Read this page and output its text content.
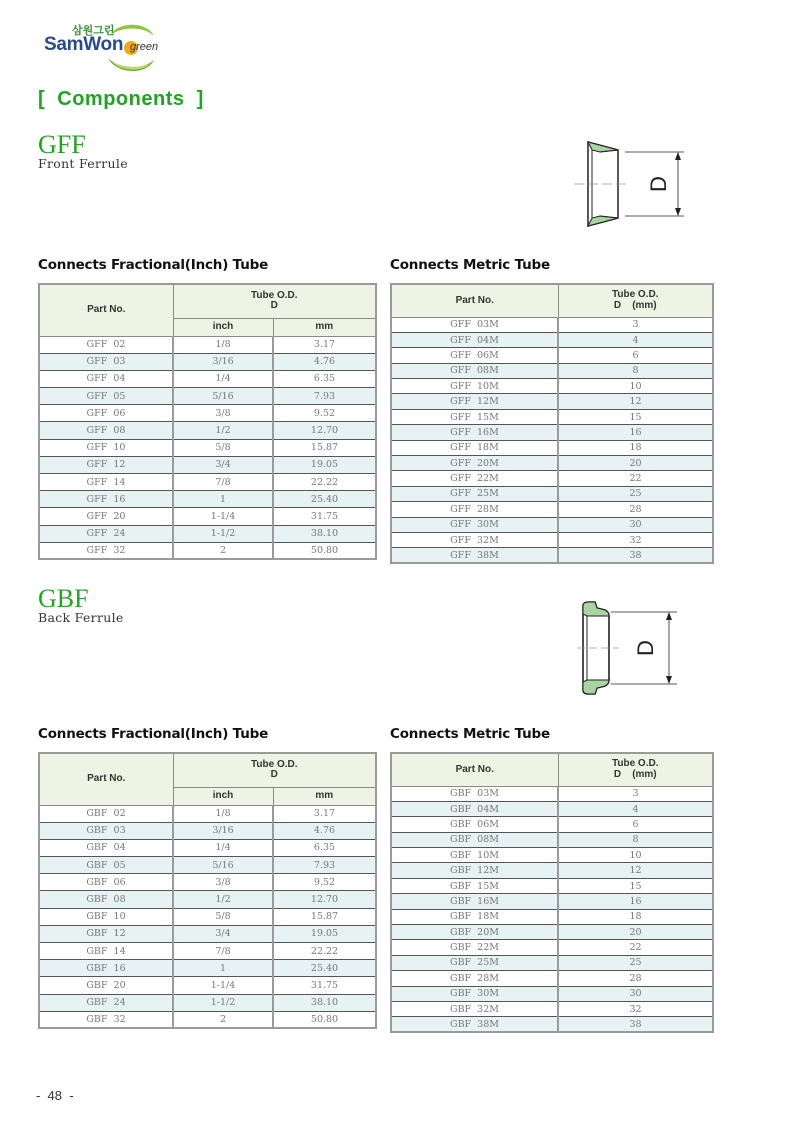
삼원그린
SamWon green
[  Components  ]
GFF
Front Ferrule
D
Connects Fractional(Inch) Tube	Connects Metric Tube
Part No.	Tube O.D.
D	

	inch	mm
GFF  02	1/8	3.17
GFF  03	3/16	4.76
GFF  04	1/4	6.35
GFF  05	5/16	7.93
GFF  06	3/8	9.52
GFF  08	1/2	12.70
GFF  10	5/8	15.87
GFF  12	3/4	19.05
GFF  14	7/8	22.22
GFF  16	1	25.40
GFF  20	1-1/4	31.75
GFF  24	1-1/2	38.10
GFF  32	2	50.80
Part No.	Tube O.D.
D    (mm)

GFF  03M	3
GFF  04M	4
GFF  06M	6
GFF  08M	8
GFF  10M	10
GFF  12M	12
GFF  15M	15
GFF  16M	16
GFF  18M	18
GFF  20M	20
GFF  22M	22
GFF  25M	25
GFF  28M	28
GFF  30M	30
GFF  32M	32
GFF  38M	38
GBF
Back Ferrule
D
Connects Fractional(Inch) Tube	Connects Metric Tube
Part No.	Tube O.D.
D	

	inch	mm
GBF  02	1/8	3.17
GBF  03	3/16	4.76
GBF  04	1/4	6.35
GBF  05	5/16	7.93
GBF  06	3/8	9.52
GBF  08	1/2	12.70
GBF  10	5/8	15.87
GBF  12	3/4	19.05
GBF  14	7/8	22.22
GBF  16	1	25.40
GBF  20	1-1/4	31.75
GBF  24	1-1/2	38.10
GBF  32	2	50.80
Part No.	Tube O.D.
D    (mm)

GBF  03M	3
GBF  04M	4
GBF  06M	6
GBF  08M	8
GBF  10M	10
GBF  12M	12
GBF  15M	15
GBF  16M	16
GBF  18M	18
GBF  20M	20
GBF  22M	22
GBF  25M	25
GBF  28M	28
GBF  30M	30
GBF  32M	32
GBF  38M	38
-  48  -
